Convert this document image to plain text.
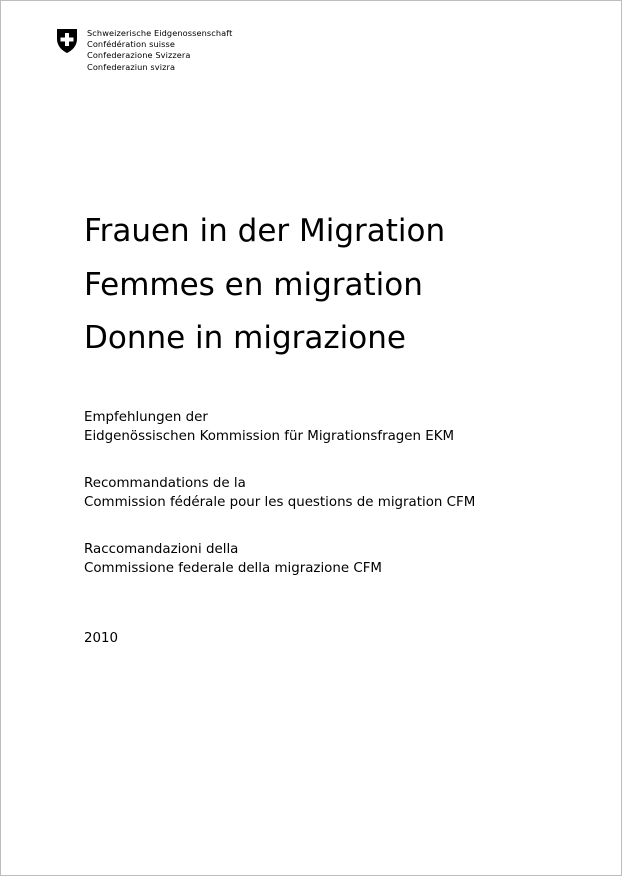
Schweizerische Eidgenossenschaft
Confédération suisse
Confederazione Svizzera
Confederaziun svizra
Frauen in der Migration
Femmes en migration
Donne in migrazione
Empfehlungen der
Eidgenössischen Kommission für Migrationsfragen EKM
Recommandations de la
Commission fédérale pour les questions de migration CFM
Raccomandazioni della
Commissione federale della migrazione CFM
2010
